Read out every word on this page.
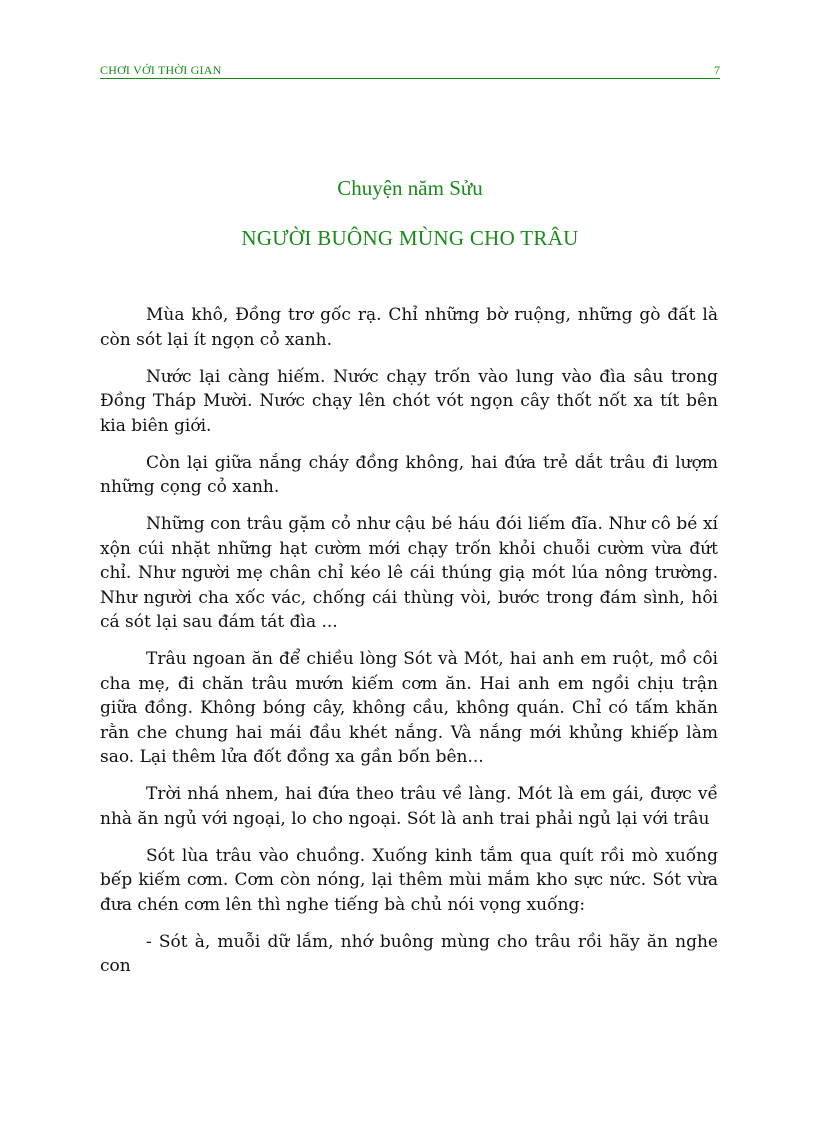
CHƠI VỚI THỜI GIAN	7
Chuyện năm Sửu
NGƯỜI BUÔNG MÙNG CHO TRÂU

Mùa khô, Đồng trơ gốc rạ. Chỉ những bờ ruộng, những gò đất là còn sót lại ít ngọn cỏ xanh.

Nước lại càng hiếm. Nước chạy trốn vào lung vào đìa sâu trong Đồng Tháp Mười. Nước chạy lên chót vót ngọn cây thốt nốt xa tít bên kia biên giới.

Còn lại giữa nắng cháy đồng không, hai đứa trẻ dắt trâu đi lượm những cọng cỏ xanh.

Những con trâu gặm cỏ như cậu bé háu đói liếm đĩa. Như cô bé xí xộn cúi nhặt những hạt cườm mới chạy trốn khỏi chuỗi cườm vừa đứt chỉ. Như người mẹ chân chỉ kéo lê cái thúng giạ mót lúa nông trường. Như người cha xốc vác, chống cái thùng vòi, bước trong đám sình, hôi cá sót lại sau đám tát đìa ...

Trâu ngoan ăn để chiều lòng Sót và Mót, hai anh em ruột, mồ côi cha mẹ, đi chăn trâu mướn kiếm cơm ăn. Hai anh em ngồi chịu trận giữa đồng. Không bóng cây, không cầu, không quán. Chỉ có tấm khăn rằn che chung hai mái đầu khét nắng. Và nắng mới khủng khiếp làm sao. Lại thêm lửa đốt đồng xa gần bốn bên...

Trời nhá nhem, hai đứa theo trâu về làng. Mót là em gái, được về nhà ăn ngủ với ngoại, lo cho ngoại. Sót là anh trai phải ngủ lại với trâu

Sót lùa trâu vào chuồng. Xuống kinh tắm qua quít rồi mò xuống bếp kiếm cơm. Cơm còn nóng, lại thêm mùi mắm kho sực nức. Sót vừa đưa chén cơm lên thì nghe tiếng bà chủ nói vọng xuống:

- Sót à, muỗi dữ lắm, nhớ buông mùng cho trâu rồi hãy ăn nghe con
